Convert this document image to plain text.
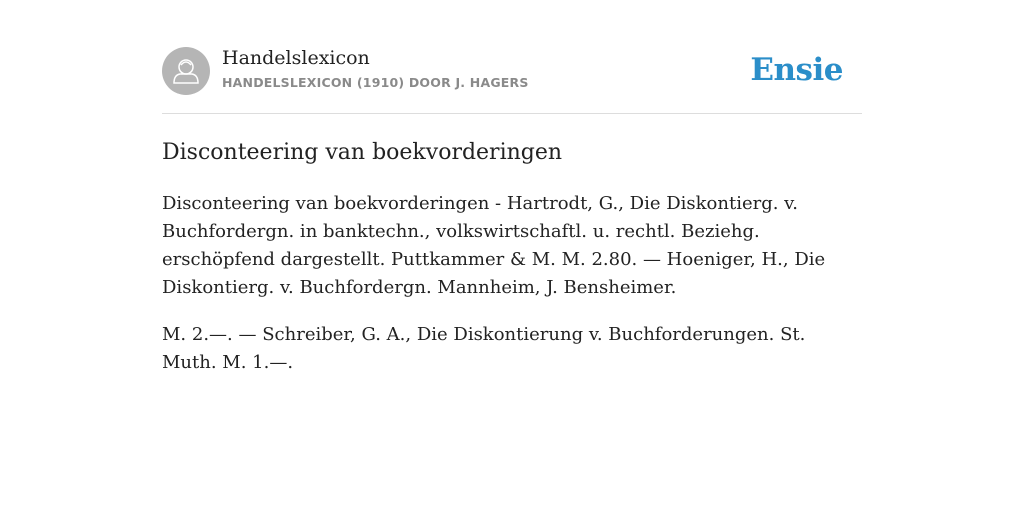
Handelslexicon
HANDELSLEXICON (1910) DOOR J. HAGERS	Ensie
Disconteering van boekvorderingen

Disconteering van boekvorderingen - Hartrodt, G., Die Diskontierg. v. Buchfordergn. in banktechn., volkswirtschaftl. u. rechtl. Beziehg. erschöpfend dargestellt. Puttkammer & M. M. 2.80. — Hoeniger, H., Die Diskontierg. v. Buchfordergn. Mannheim, J. Bensheimer.

M. 2.—. — Schreiber, G. A., Die Diskontierung v. Buchforderungen. St. Muth. M. 1.—.
